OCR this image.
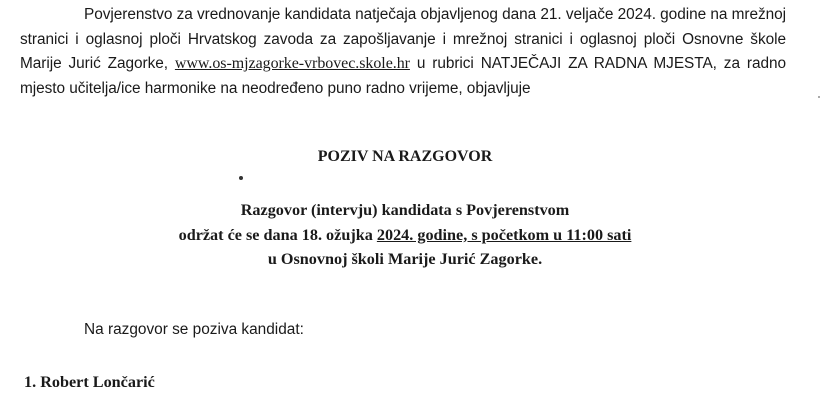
Povjerenstvo za vrednovanje kandidata natječaja objavljenog dana 21. veljače 2024. godine na mrežnoj stranici i oglasnoj ploči Hrvatskog zavoda za zapošljavanje i mrežnoj stranici i oglasnoj ploči Osnovne škole Marije Jurić Zagorke, www.os-mjzagorke-vrbovec.skole.hr u rubrici NATJEČAJI ZA RADNA MJESTA, za radno mjesto učitelja/ice harmonike na neodređeno puno radno vrijeme, objavljuje

POZIV NA RAZGOVOR

Razgovor (intervju) kandidata s Povjerenstvom
održat će se dana 18. ožujka 2024. godine, s početkom u 11:00 sati
u Osnovnoj školi Marije Jurić Zagorke.

Na razgovor se poziva kandidat:

1. Robert Lončarić
